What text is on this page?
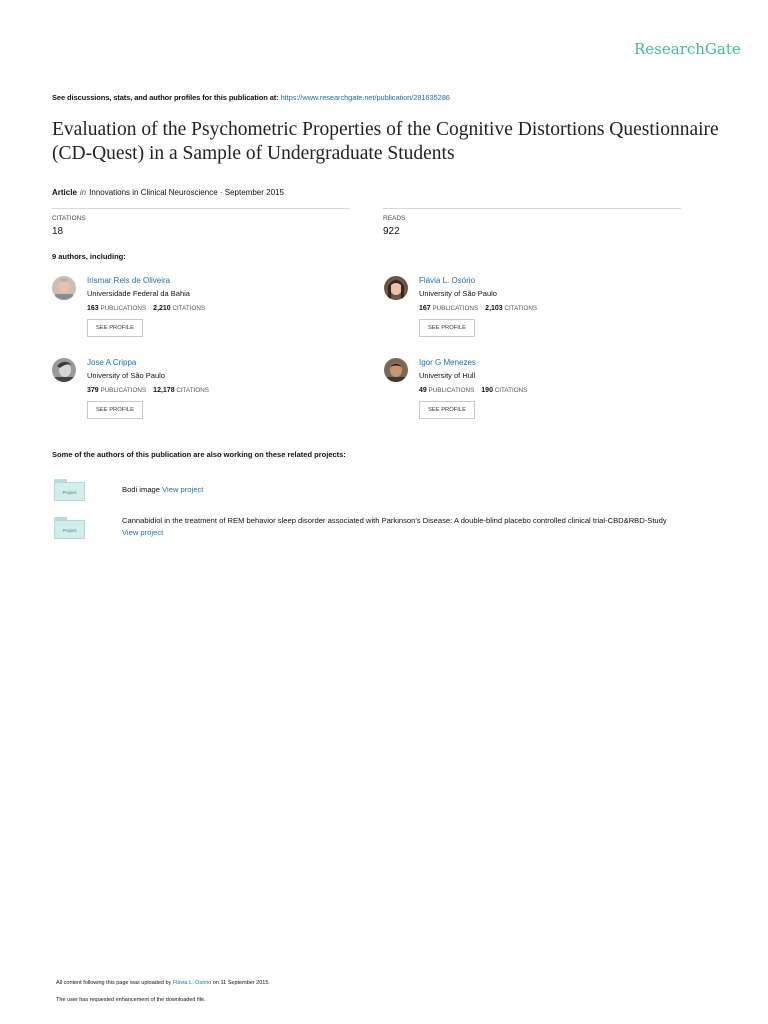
ResearchGate
See discussions, stats, and author profiles for this publication at: https://www.researchgate.net/publication/281635286
Evaluation of the Psychometric Properties of the Cognitive Distortions Questionnaire (CD-Quest) in a Sample of Undergraduate Students
Article in Innovations in Clinical Neuroscience · September 2015
CITATIONS
18
READS
922
9 authors, including:
Irismar Reis de Oliveira
Universidade Federal da Bahia
163 PUBLICATIONS 2,210 CITATIONS
SEE PROFILE
Flávia L. Osório
University of São Paulo
167 PUBLICATIONS 2,103 CITATIONS
SEE PROFILE
Jose A Crippa
University of São Paulo
379 PUBLICATIONS 12,178 CITATIONS
SEE PROFILE
Igor G Menezes
University of Hull
49 PUBLICATIONS 190 CITATIONS
SEE PROFILE
Some of the authors of this publication are also working on these related projects:
Project	Bodi image View project
Project
Cannabidiol in the treatment of REM behavior sleep disorder associated with Parkinson's Disease: A double-blind placebo controlled clinical trial-CBD&RBD-Study
View project
All content following this page was uploaded by Flávia L. Osório on 11 September 2015.
The user has requested enhancement of the downloaded file.
